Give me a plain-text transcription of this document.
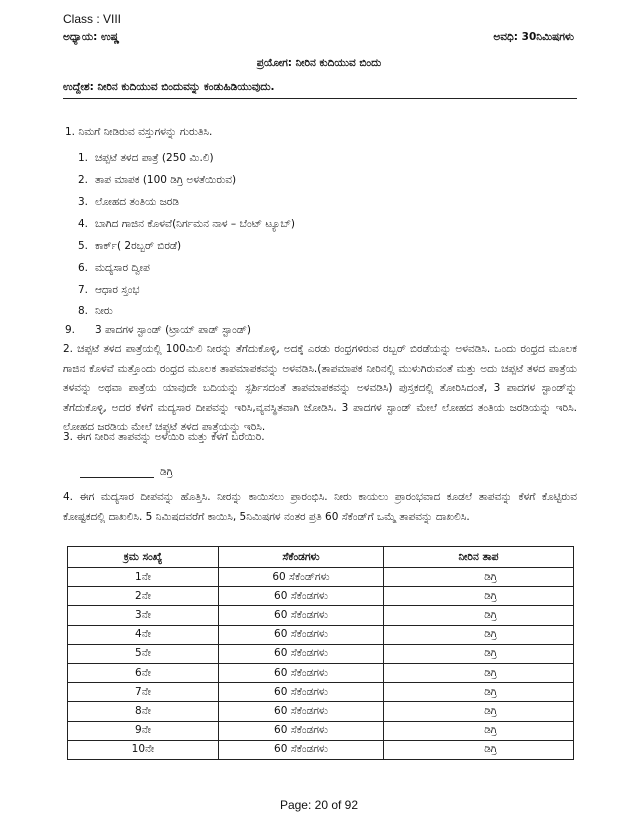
Class : VIII
ಅಧ್ಯಾಯ: ಉಷ್ಣ	ಅವಧಿ: 30ನಿಮಿಷಗಳು
ಪ್ರಯೋಗ: ನೀರಿನ ಕುದಿಯುವ ಬಿಂದು
ಉದ್ದೇಶ: ನೀರಿನ ಕುದಿಯುವ ಬಿಂದುವನ್ನು ಕಂಡುಹಿಡಿಯುವುದು.
1. ನಿಮಗೆ ನೀಡಿರುವ ವಸ್ತುಗಳನ್ನು ಗುರುತಿಸಿ.
1. ಚಪ್ಪಟೆ ತಳದ ಪಾತ್ರೆ (250 ಮಿ.ಲಿ)
2. ತಾಪ ಮಾಪಕ (100 ಡಿಗ್ರಿ ಅಳತೆಯಿರುವ)
3. ಲೋಹದ ತಂತಿಯ ಜರಡಿ
4. ಬಾಗಿದ ಗಾಜಿನ ಕೊಳವೆ(ನಿರ್ಗಮನ ನಾಳ – ಬೆಂಟ್ ಟ್ಯೂಬ್)
5. ಕಾರ್ಕ್( 2ರಬ್ಬರ್ ಬಿರಡೆ)
6. ಮದ್ಯಸಾರ ದ್ವೀಪ
7. ಆಧಾರ ಸ್ತಂಭ
8. ನೀರು
9. 3 ಪಾದಗಳ ಸ್ಟಾಂಡ್ (ಟ್ರಾಯ್ ಪಾಡ್ ಸ್ಟಾಂಡ್)
2. ಚಪ್ಪಟೆ ತಳದ ಪಾತ್ರೆಯಲ್ಲಿ 100ಮಿಲಿ ನೀರನ್ನು ತೆಗೆದುಕೊಳ್ಳಿ, ಅದಕ್ಕೆ ಎರಡು ರಂಧ್ರಗಳಿರುವ ರಬ್ಬರ್ ಬಿರಡೆಯನ್ನು ಅಳವಡಿಸಿ. ಒಂದು ರಂಧ್ರದ ಮೂಲಕ ಗಾಜಿನ ಕೊಳವೆ ಮತ್ತೊಂದು ರಂಧ್ರದ ಮೂಲಕ ತಾಪಮಾಪಕವನ್ನು ಅಳವಡಿಸಿ.(ತಾಪಮಾಪಕ ನೀರಿನಲ್ಲಿ ಮುಳುಗಿರುವಂತೆ ಮತ್ತು ಅದು ಚಪ್ಪಟೆ ತಳದ ಪಾತ್ರೆಯ ತಳವನ್ನು ಅಥವಾ ಪಾತ್ರೆಯ ಯಾವುದೇ ಬದಿಯನ್ನು ಸ್ಪರ್ಶಿಸದಂತೆ ತಾಪಮಾಪಕವನ್ನು ಅಳವಡಿಸಿ) ಪುಸ್ತಕದಲ್ಲಿ ತೋರಿಸಿದಂತೆ, 3 ಪಾದಗಳ ಸ್ಟಾಂಡ್‌ನ್ನು ತೆಗೆದುಕೊಳ್ಳಿ, ಅದರ ಕೆಳಗೆ ಮದ್ಯಸಾರ ದೀಪವನ್ನು ಇರಿಸಿ,ವ್ಯವಸ್ಥಿತವಾಗಿ ಜೋಡಿಸಿ. 3 ಪಾದಗಳ ಸ್ಟಾಂಡ್ ಮೇಲೆ ಲೋಹದ ತಂತಿಯ ಜರಡಿಯನ್ನು ಇರಿಸಿ. ಲೋಹದ ಜರಡಿಯ ಮೇಲೆ ಚಪ್ಪಟೆ ತಳದ ಪಾತ್ರೆಯನ್ನು ಇರಿಸಿ.
3. ಈಗ ನೀರಿನ ತಾಪವನ್ನು ಅಳೆಯಿರಿ ಮತ್ತು ಕೆಳಗೆ ಬರೆಯಿರಿ.
ಡಿಗ್ರಿ
4. ಈಗ ಮದ್ಯಸಾರ ದೀಪವನ್ನು ಹೊತ್ತಿಸಿ. ನೀರನ್ನು ಕಾಯಿಸಲು ಪ್ರಾರಂಭಿಸಿ. ನೀರು ಕಾಯಲು ಪ್ರಾರಂಭವಾದ ಕೂಡಲೆ ತಾಪವನ್ನು ಕೆಳಗೆ ಕೊಟ್ಟಿರುವ ಕೋಷ್ಟಕದಲ್ಲಿ ದಾಖಲಿಸಿ. 5 ನಿಮಿಷದವರೆಗೆ ಕಾಯಿಸಿ, 5ನಿಮಿಷಗಳ ನಂತರ ಪ್ರತಿ 60 ಸೆಕೆಂಡ್‌ಗೆ ಒಮ್ಮೆ ತಾಪವನ್ನು ದಾಖಲಿಸಿ.
ಕ್ರಮ ಸಂಖ್ಯೆ	ಸೆಕೆಂಡಗಳು	ನೀರಿನ ತಾಪ
1ನೇ	60 ಸೆಕೆಂಡ್‌ಗಳು	ಡಿಗ್ರಿ
2ನೇ	60 ಸೆಕೆಂಡಗಳು	ಡಿಗ್ರಿ
3ನೇ	60 ಸೆಕೆಂಡಗಳು	ಡಿಗ್ರಿ
4ನೇ	60 ಸೆಕೆಂಡಗಳು	ಡಿಗ್ರಿ
5ನೇ	60 ಸೆಕೆಂಡಗಳು	ಡಿಗ್ರಿ
6ನೇ	60 ಸೆಕೆಂಡಗಳು	ಡಿಗ್ರಿ
7ನೇ	60 ಸೆಕೆಂಡಗಳು	ಡಿಗ್ರಿ
8ನೇ	60 ಸೆಕೆಂಡಗಳು	ಡಿಗ್ರಿ
9ನೇ	60 ಸೆಕೆಂಡಗಳು	ಡಿಗ್ರಿ
10ನೇ	60 ಸೆಕೆಂಡಗಳು	ಡಿಗ್ರಿ
Page: 20 of 92
